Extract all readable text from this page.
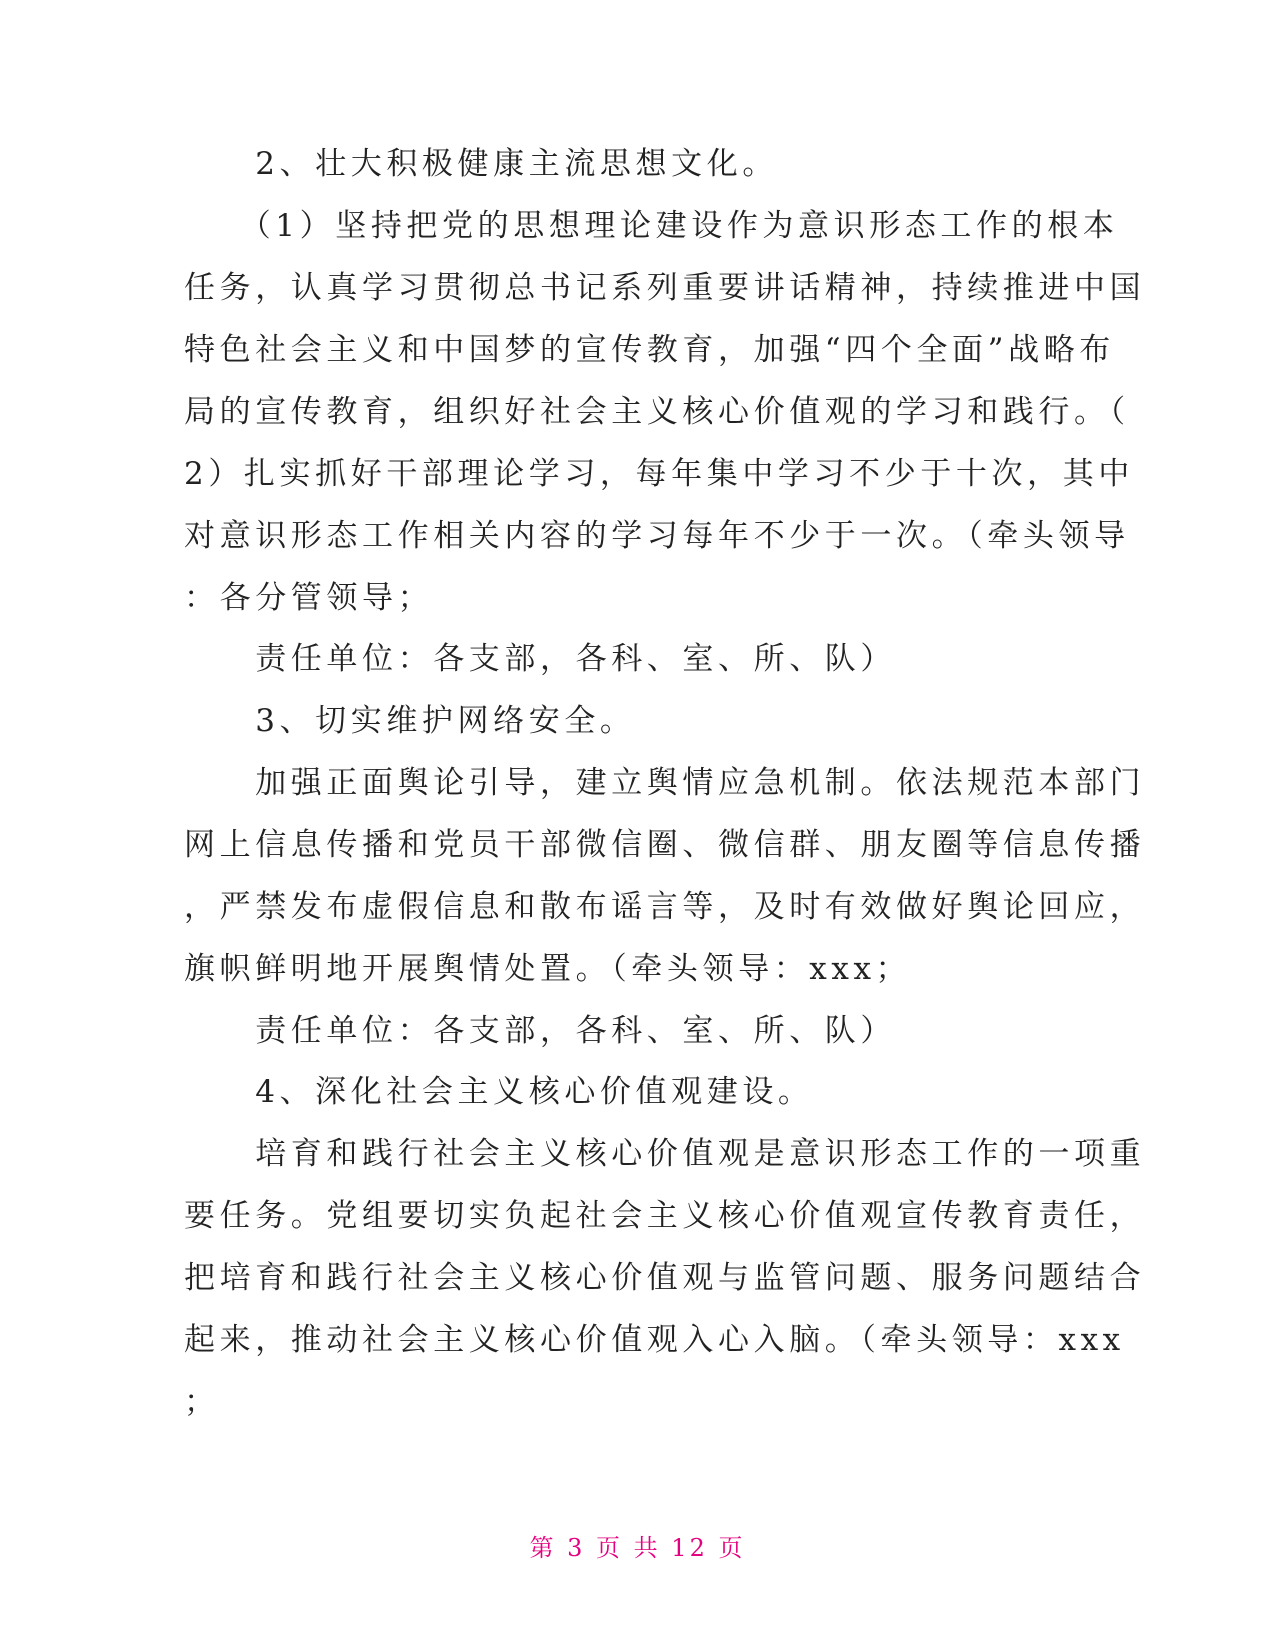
　　2、壮大积极健康主流思想文化。
　　（1）坚持把党的思想理论建设作为意识形态工作的根本
任务，认真学习贯彻总书记系列重要讲话精神，持续推进中国
特色社会主义和中国梦的宣传教育，加强“四个全面”战略布
局的宣传教育，组织好社会主义核心价值观的学习和践行。（
2）扎实抓好干部理论学习，每年集中学习不少于十次，其中
对意识形态工作相关内容的学习每年不少于一次。（牵头领导
：各分管领导；
　　责任单位：各支部，各科、室、所、队）
　　3、切实维护网络安全。
　　加强正面舆论引导，建立舆情应急机制。依法规范本部门
网上信息传播和党员干部微信圈、微信群、朋友圈等信息传播
，严禁发布虚假信息和散布谣言等，及时有效做好舆论回应，
旗帜鲜明地开展舆情处置。（牵头领导：xxx；
　　责任单位：各支部，各科、室、所、队）
　　4、深化社会主义核心价值观建设。
　　培育和践行社会主义核心价值观是意识形态工作的一项重
要任务。党组要切实负起社会主义核心价值观宣传教育责任，
把培育和践行社会主义核心价值观与监管问题、服务问题结合
起来，推动社会主义核心价值观入心入脑。（牵头领导：xxx
；
第 3 页 共 12 页
